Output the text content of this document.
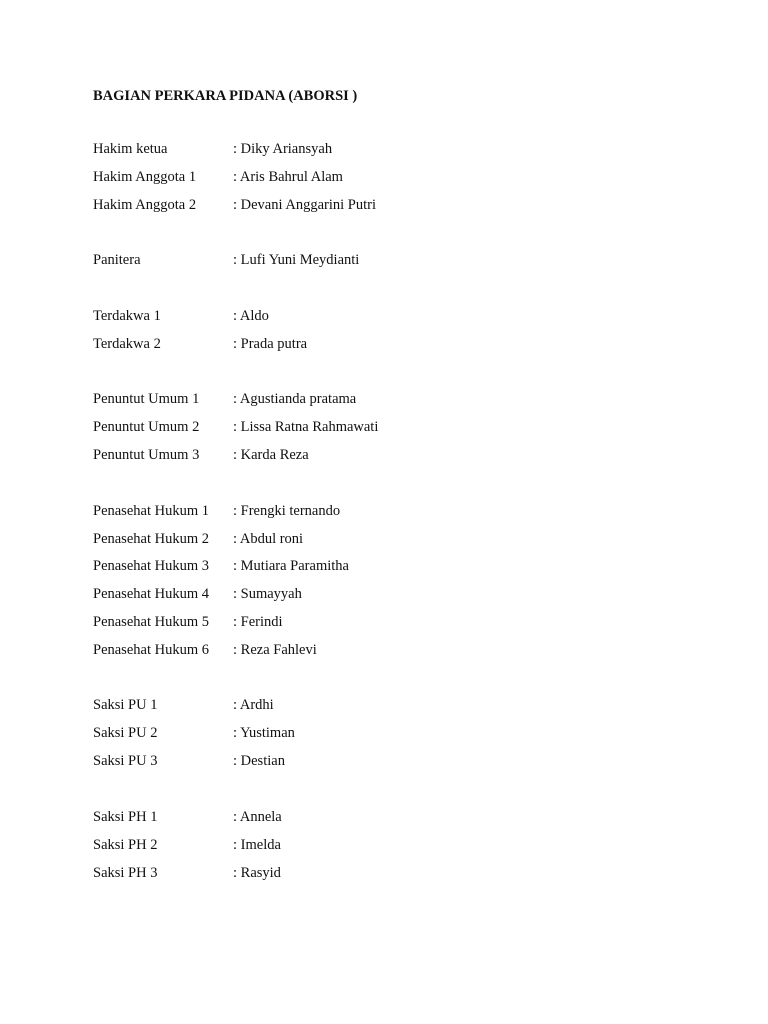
BAGIAN PERKARA PIDANA (ABORSI )
Hakim ketua	: Diky Ariansyah
Hakim Anggota 1	: Aris Bahrul Alam
Hakim Anggota 2	: Devani Anggarini Putri
Panitera	: Lufi Yuni Meydianti
Terdakwa 1	: Aldo
Terdakwa 2	: Prada putra
Penuntut Umum 1	: Agustianda pratama
Penuntut Umum 2	: Lissa Ratna Rahmawati
Penuntut Umum 3	: Karda Reza
Penasehat Hukum 1	: Frengki ternando
Penasehat Hukum 2	: Abdul roni
Penasehat Hukum 3	: Mutiara Paramitha
Penasehat Hukum 4	: Sumayyah
Penasehat Hukum 5	: Ferindi
Penasehat Hukum 6	: Reza Fahlevi
Saksi PU 1	: Ardhi
Saksi PU 2	: Yustiman
Saksi PU 3	: Destian
Saksi PH 1	: Annela
Saksi PH 2	: Imelda
Saksi PH 3	: Rasyid
